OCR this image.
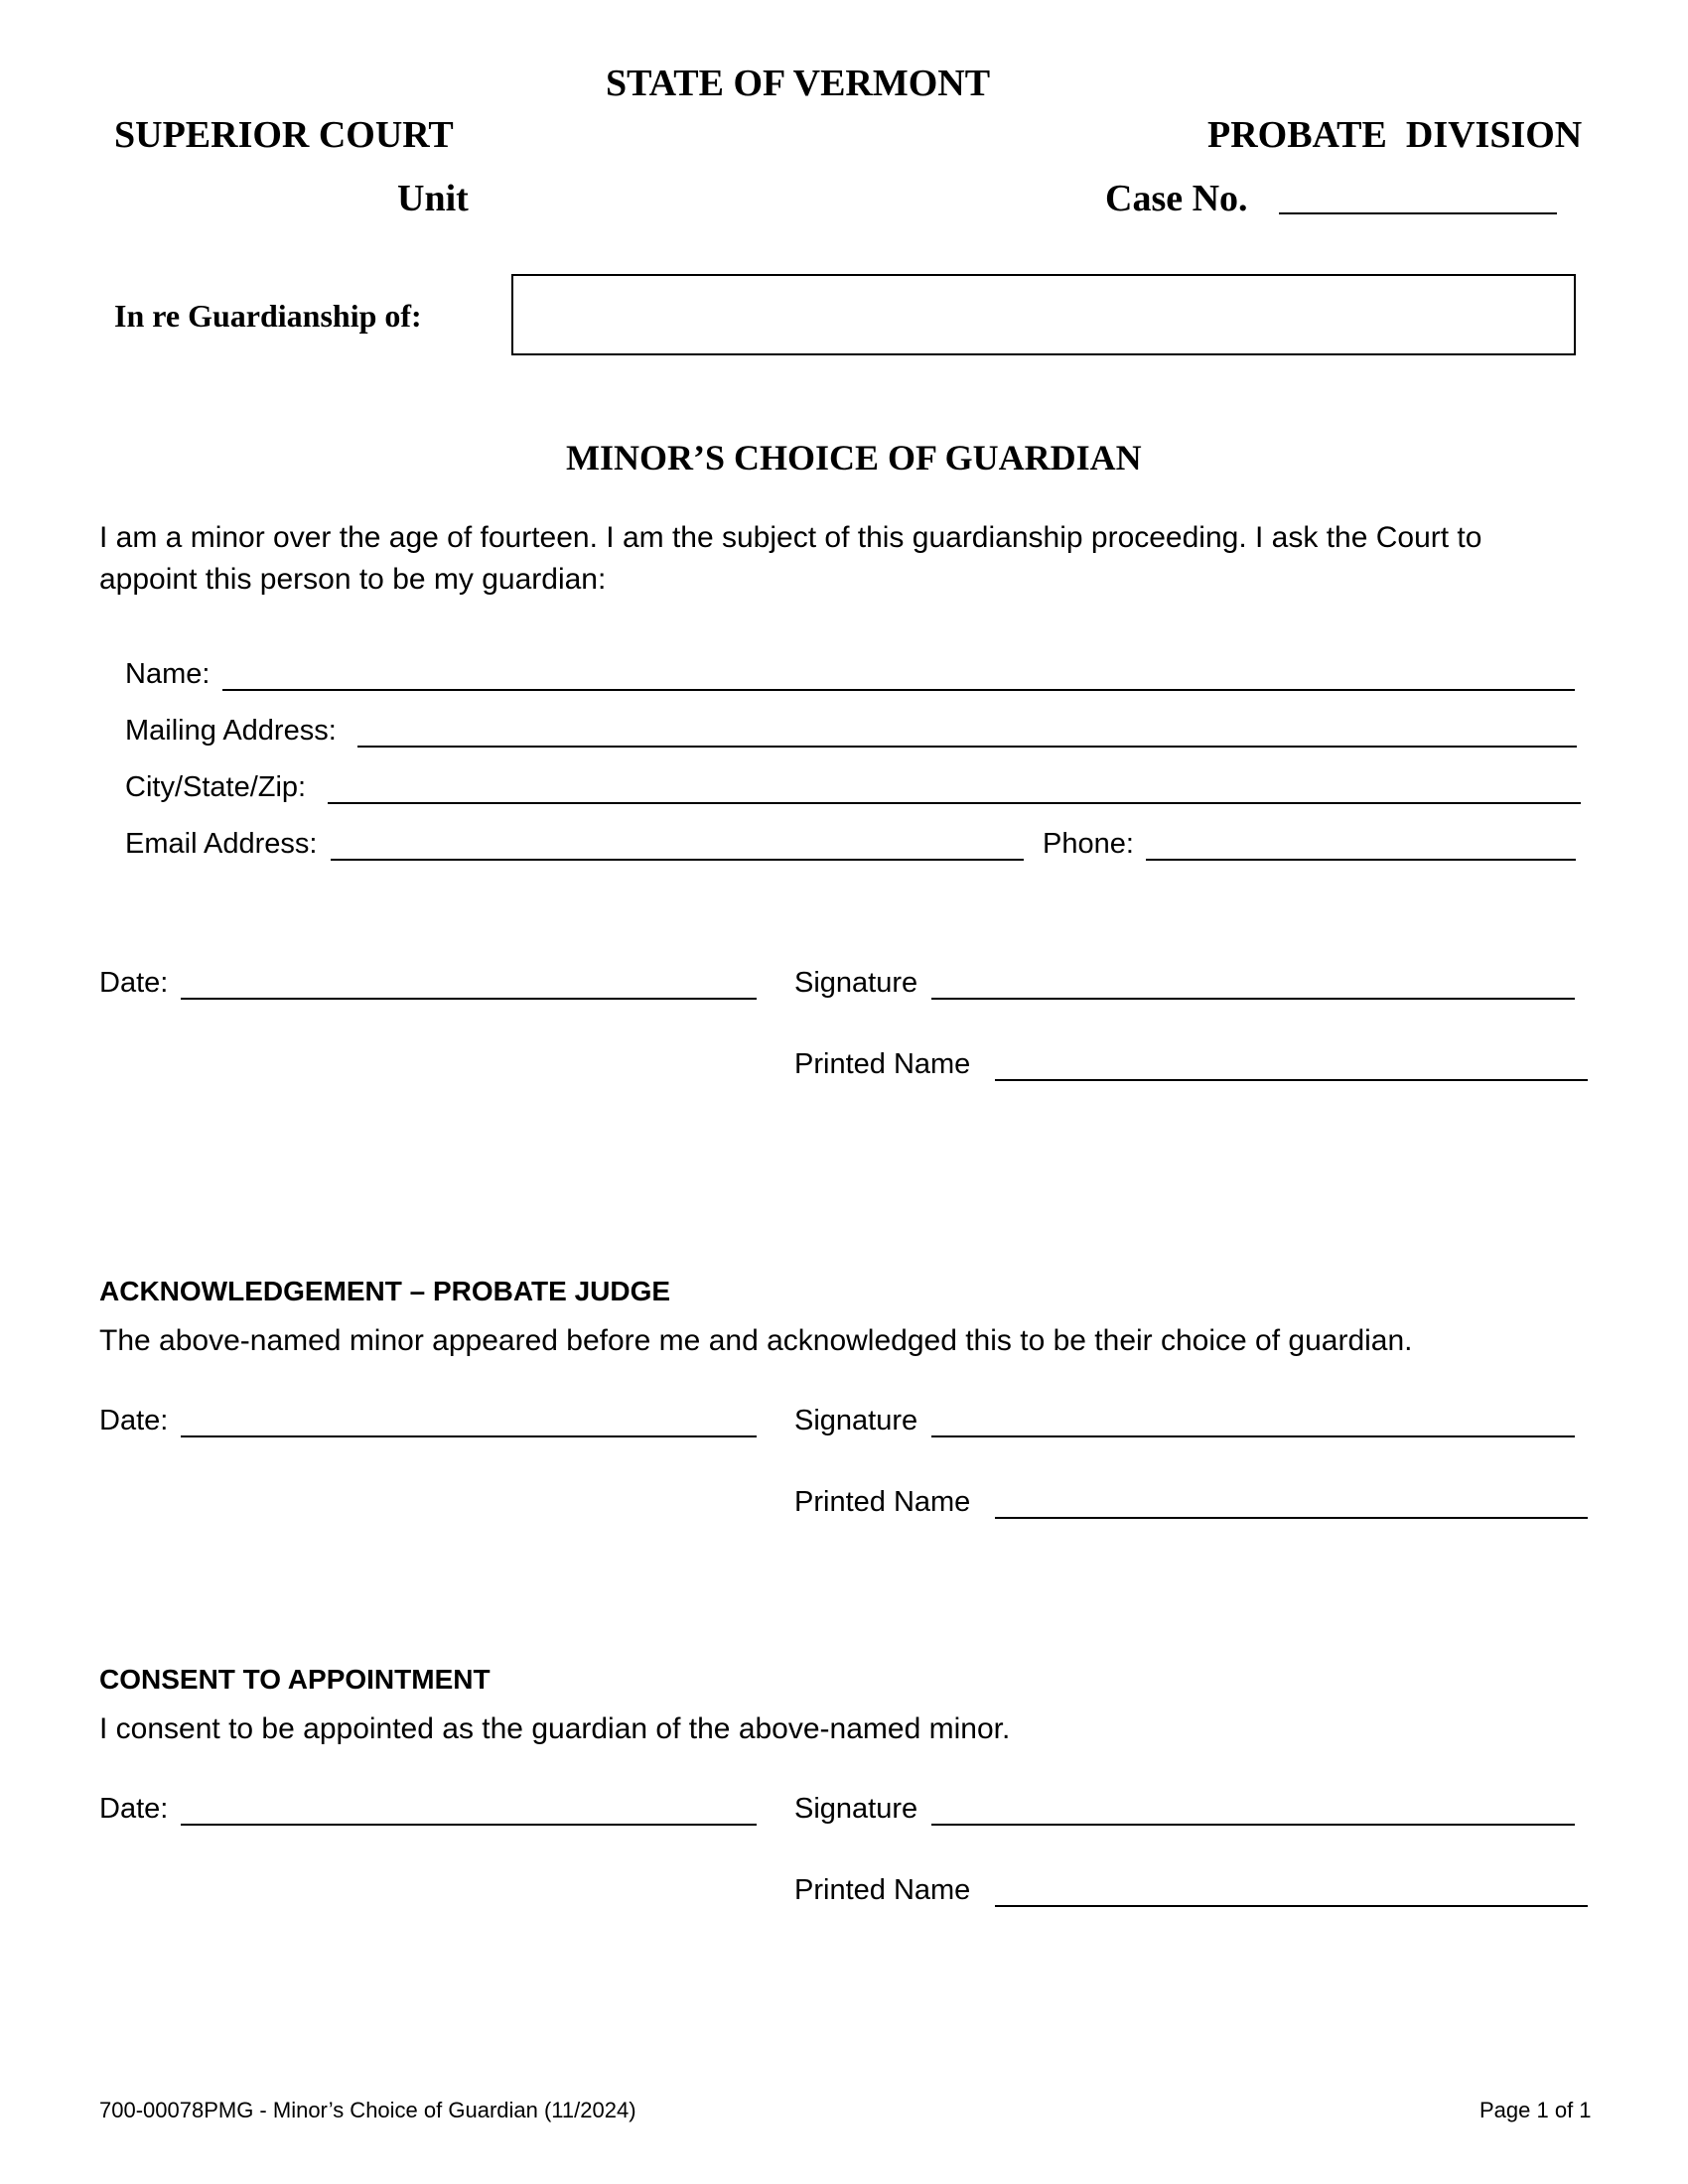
STATE OF VERMONT
SUPERIOR COURT	PROBATE  DIVISION
Unit	Case No.
In re Guardianship of:
MINOR’S CHOICE OF GUARDIAN
I am a minor over the age of fourteen. I am the subject of this guardianship proceeding. I ask the Court to
appoint this person to be my guardian:
Name:
Mailing Address:
City/State/Zip:
Email Address:	Phone:
Date:	Signature
Printed Name
ACKNOWLEDGEMENT – PROBATE JUDGE
The above-named minor appeared before me and acknowledged this to be their choice of guardian.
Date:	Signature
Printed Name
CONSENT TO APPOINTMENT
I consent to be appointed as the guardian of the above-named minor.
Date:	Signature
Printed Name
700-00078PMG - Minor’s Choice of Guardian (11/2024)	Page 1 of 1
